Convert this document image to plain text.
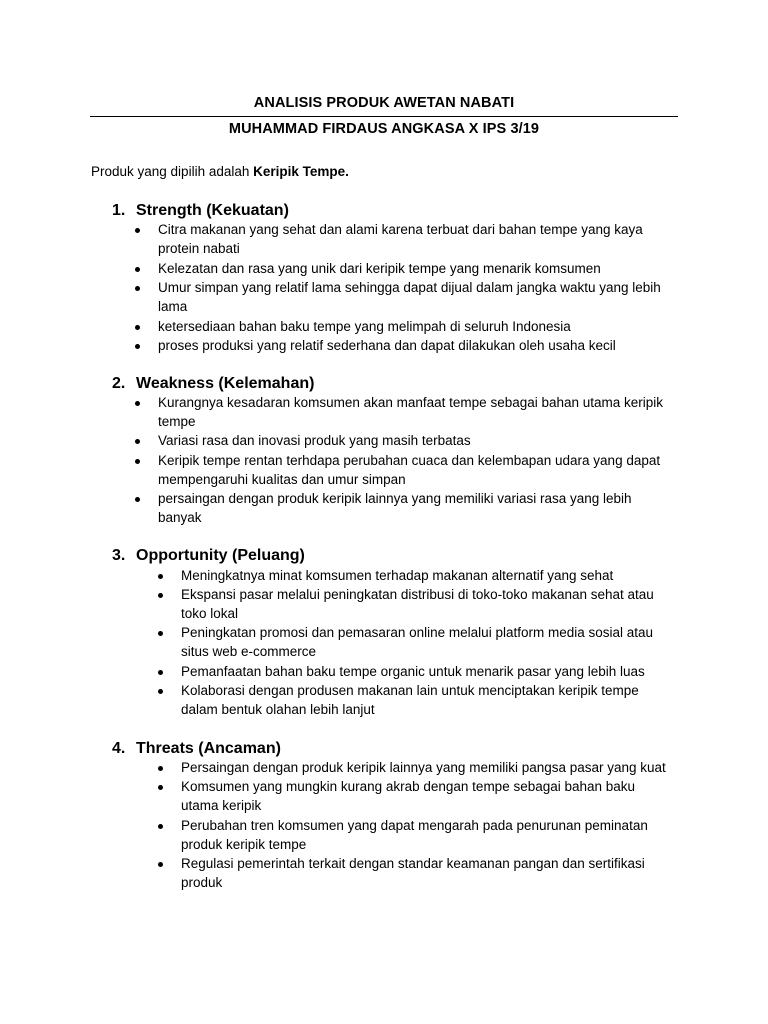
ANALISIS PRODUK AWETAN NABATI
MUHAMMAD FIRDAUS ANGKASA X IPS 3/19
Produk yang dipilih adalah Keripik Tempe.
1. Strength (Kekuatan)
Citra makanan yang sehat dan alami karena terbuat dari bahan tempe yang kaya
protein nabati
Kelezatan dan rasa yang unik dari keripik tempe yang menarik komsumen
Umur simpan yang relatif lama sehingga dapat dijual dalam jangka waktu yang lebih
lama
ketersediaan bahan baku tempe yang melimpah di seluruh Indonesia
proses produksi yang relatif sederhana dan dapat dilakukan oleh usaha kecil
2. Weakness (Kelemahan)
Kurangnya kesadaran komsumen akan manfaat tempe sebagai bahan utama keripik
tempe
Variasi rasa dan inovasi produk yang masih terbatas
Keripik tempe rentan terhdapa perubahan cuaca dan kelembapan udara yang dapat
mempengaruhi kualitas dan umur simpan
persaingan dengan produk keripik lainnya yang memiliki variasi rasa yang lebih
banyak
3. Opportunity (Peluang)
Meningkatnya minat komsumen terhadap makanan alternatif yang sehat
Ekspansi pasar melalui peningkatan distribusi di toko-toko makanan sehat atau
toko lokal
Peningkatan promosi dan pemasaran online melalui platform media sosial atau
situs web e-commerce
Pemanfaatan bahan baku tempe organic untuk menarik pasar yang lebih luas
Kolaborasi dengan produsen makanan lain untuk menciptakan keripik tempe
dalam bentuk olahan lebih lanjut
4. Threats (Ancaman)
Persaingan dengan produk keripik lainnya yang memiliki pangsa pasar yang kuat
Komsumen yang mungkin kurang akrab dengan tempe sebagai bahan baku
utama keripik
Perubahan tren komsumen yang dapat mengarah pada penurunan peminatan
produk keripik tempe
Regulasi pemerintah terkait dengan standar keamanan pangan dan sertifikasi
produk
